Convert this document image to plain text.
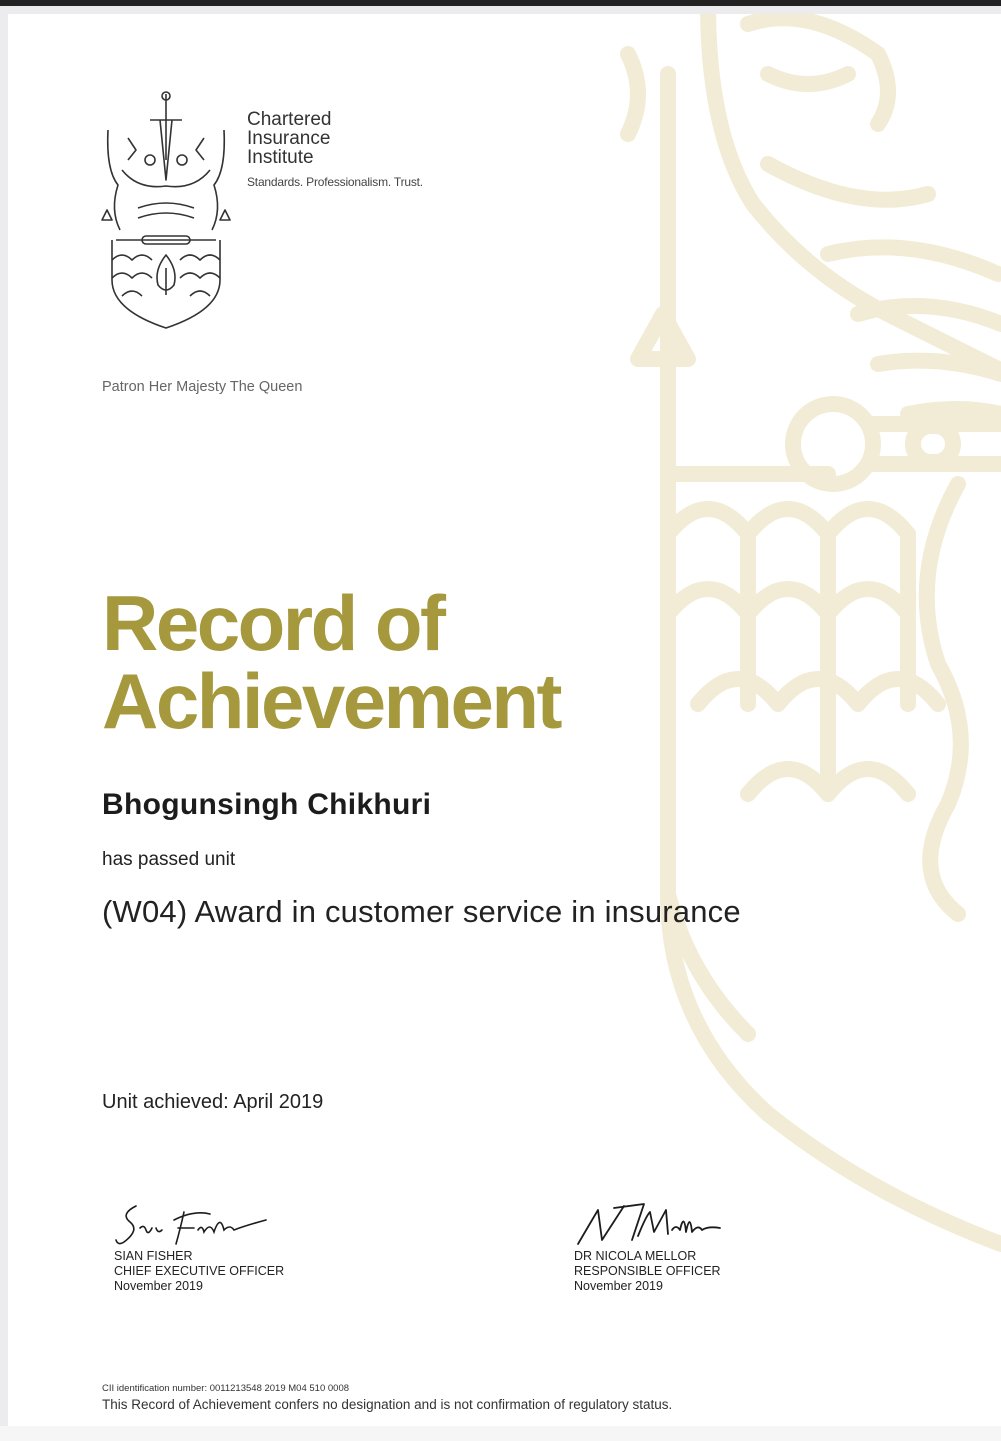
Chartered
Insurance
Institute
Standards. Professionalism. Trust.
Patron Her Majesty The Queen
Record of
Achievement
Bhogunsingh Chikhuri
has passed unit
(W04) Award in customer service in insurance
Unit achieved: April 2019
SIAN FISHER
CHIEF EXECUTIVE OFFICER
November 2019
DR NICOLA MELLOR
RESPONSIBLE OFFICER
November 2019
CII identification number: 00112135​48 2019 M04 510 0008
This Record of Achievement confers no designation and is not confirmation of regulatory status.
